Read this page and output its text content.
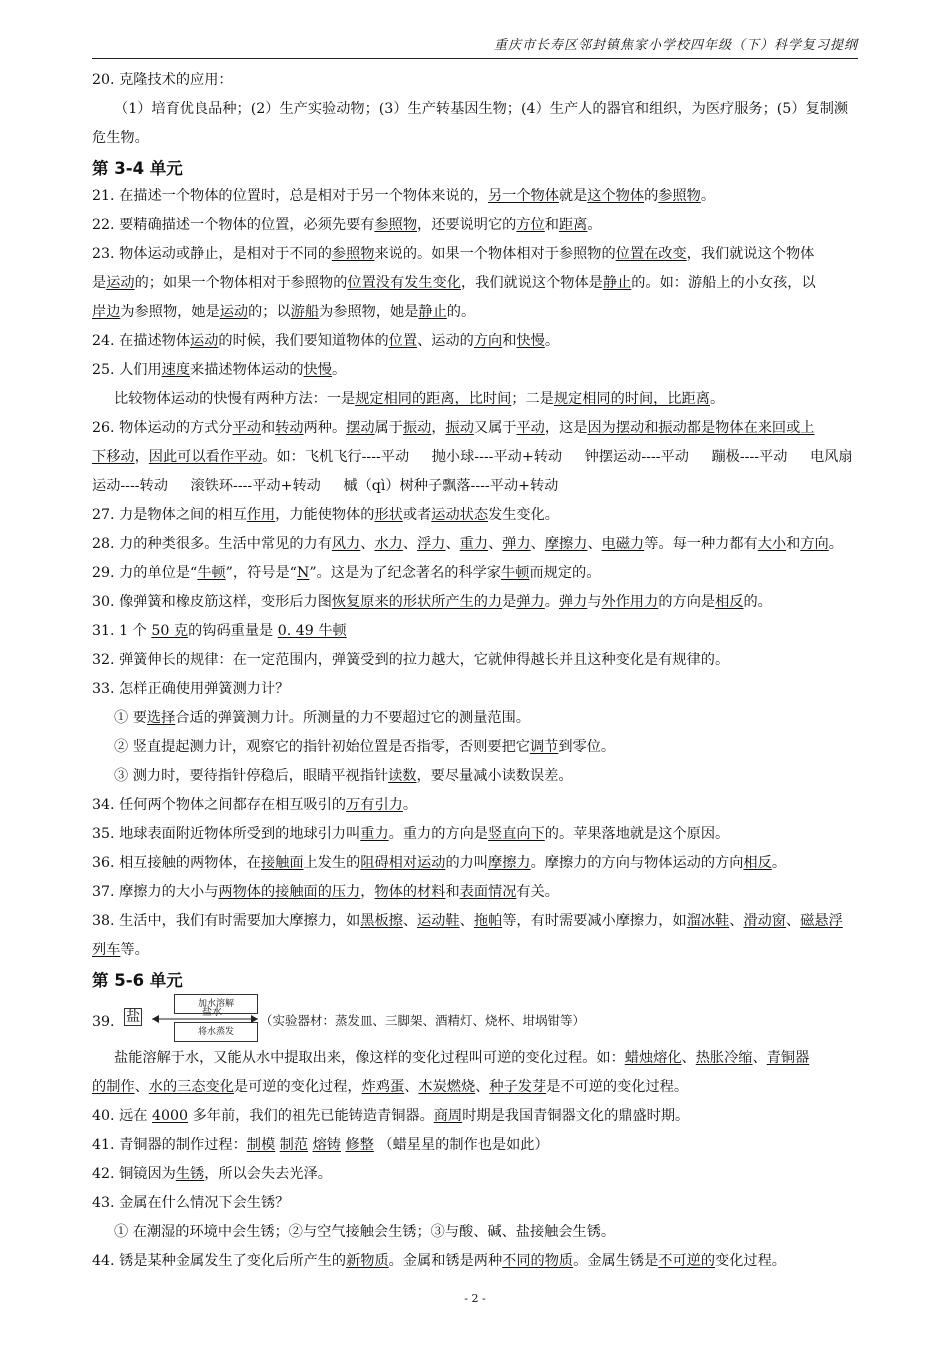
重庆市长寿区邻封镇焦家小学校四年级（下）科学复习提纲
20. 克隆技术的应用：
（1）培育优良品种；(2）生产实验动物；(3）生产转基因生物；(4）生产人的器官和组织，为医疗服务；(5）复制濒
危生物。
第 3-4 单元
21. 在描述一个物体的位置时，总是相对于另一个物体来说的，另一个物体就是这个物体的参照物。
22. 要精确描述一个物体的位置，必须先要有参照物，还要说明它的方位和距离。
23. 物体运动或静止，是相对于不同的参照物来说的。如果一个物体相对于参照物的位置在改变，我们就说这个物体
是运动的；如果一个物体相对于参照物的位置没有发生变化，我们就说这个物体是静止的。如：游船上的小女孩，以
岸边为参照物，她是运动的；以游船为参照物，她是静止的。
24. 在描述物体运动的时候，我们要知道物体的位置、运动的方向和快慢。
25. 人们用速度来描述物体运动的快慢。
比较物体运动的快慢有两种方法：一是规定相同的距离，比时间；二是规定相同的时间，比距离。
26. 物体运动的方式分平动和转动两种。摆动属于振动，振动又属于平动，这是因为摆动和振动都是物体在来回或上
下移动，因此可以看作平动。如：飞机飞行----平动     抛小球----平动+转动     钟摆运动----平动     蹦极----平动     电风扇
运动----转动     滚铁环----平动+转动     槭（qì）树种子飘落----平动+转动
27. 力是物体之间的相互作用，力能使物体的形状或者运动状态发生变化。
28. 力的种类很多。生活中常见的力有风力、水力、浮力、重力、弹力、摩擦力、电磁力等。每一种力都有大小和方向。
29. 力的单位是“牛顿”，符号是“N”。这是为了纪念著名的科学家牛顿而规定的。
30. 像弹簧和橡皮筋这样，变形后力图恢复原来的形状所产生的力是弹力。弹力与外作用力的方向是相反的。
31. 1 个 50 克的钩码重量是 0. 49 牛顿
32. 弹簧伸长的规律：在一定范围内，弹簧受到的拉力越大，它就伸得越长并且这种变化是有规律的。
33. 怎样正确使用弹簧测力计？
① 要选择合适的弹簧测力计。所测量的力不要超过它的测量范围。
② 竖直提起测力计，观察它的指针初始位置是否指零，否则要把它调节到零位。
③ 测力时，要待指针停稳后，眼睛平视指针读数，要尽量减小读数误差。
34. 任何两个物体之间都存在相互吸引的万有引力。
35. 地球表面附近物体所受到的地球引力叫重力。重力的方向是竖直向下的。苹果落地就是这个原因。
36. 相互接触的两物体，在接触面上发生的阻碍相对运动的力叫摩擦力。摩擦力的方向与物体运动的方向相反。
37. 摩擦力的大小与两物体的接触面的压力，物体的材料和表面情况有关。
38. 生活中，我们有时需要加大摩擦力，如黑板擦、运动鞋、拖帕等，有时需要减小摩擦力，如溜冰鞋、滑动窗、磁悬浮
列车等。
第 5-6 单元
39. 盐
加水溶解
盐水
将水蒸发
（实验器材：蒸发皿、三脚架、酒精灯、烧杯、坩埚钳等）
盐能溶解于水，又能从水中提取出来，像这样的变化过程叫可逆的变化过程。如：蜡烛熔化、热胀冷缩、青铜器
的制作、水的三态变化是可逆的变化过程，炸鸡蛋、木炭燃烧、种子发芽是不可逆的变化过程。
40. 远在 4000 多年前，我们的祖先已能铸造青铜器。商周时期是我国青铜器文化的鼎盛时期。
41. 青铜器的制作过程：制模 制范 熔铸 修整 （蜡星星的制作也是如此）
42. 铜镜因为生锈，所以会失去光泽。
43. 金属在什么情况下会生锈？
① 在潮湿的环境中会生锈；②与空气接触会生锈；③与酸、碱、盐接触会生锈。
44. 锈是某种金属发生了变化后所产生的新物质。金属和锈是两种不同的物质。金属生锈是不可逆的变化过程。
- 2 -
